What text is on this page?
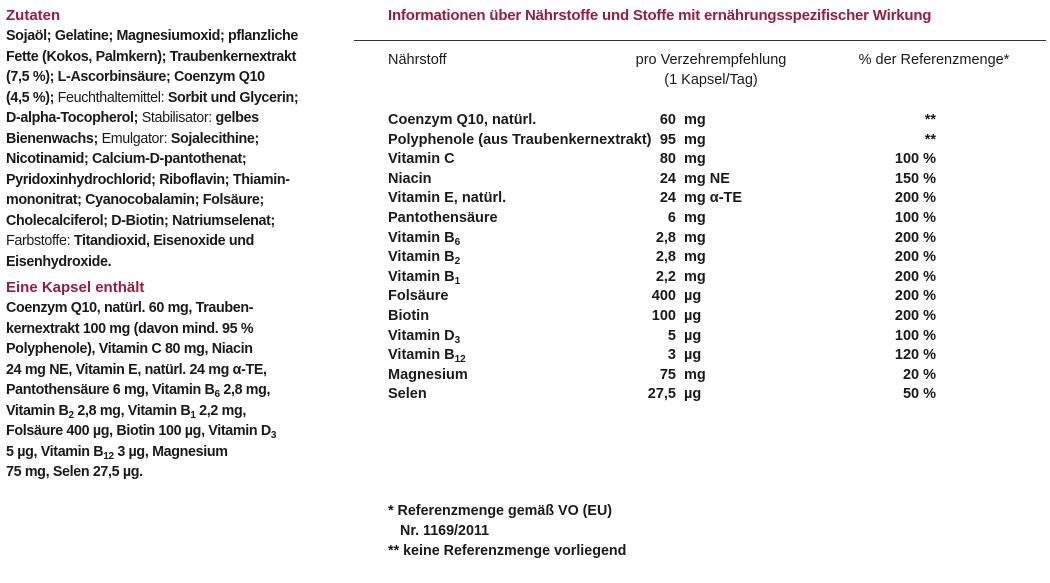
Zutaten

Sojaöl; Gelatine; Magnesiumoxid; pflanzliche
Fette (Kokos, Palmkern); Traubenkernextrakt
(7,5 %); L-Ascorbinsäure; Coenzym Q10
(4,5 %); Feuchthaltemittel: Sorbit und Glycerin;
D-alpha-Tocopherol; Stabilisator: gelbes
Bienenwachs; Emulgator: Sojalecithine;
Nicotinamid; Calcium-D-pantothenat;
Pyridoxinhydrochlorid; Riboflavin; Thiamin-
mononitrat; Cyanocobalamin; Folsäure;
Cholecalciferol; D-Biotin; Natriumselenat;
Farbstoffe: Titandioxid, Eisenoxide und
Eisenhydroxide.

Eine Kapsel enthält

Coenzym Q10, natürl. 60 mg, Trauben-
kernextrakt 100 mg (davon mind. 95 %
Polyphenole), Vitamin C 80 mg, Niacin
24 mg NE, Vitamin E, natürl. 24 mg α-TE,
Pantothensäure 6 mg, Vitamin $B_6$ 2,8 mg,
Vitamin $B_2$ 2,8 mg, Vitamin $B_1$ 2,2 mg,
Folsäure 400 µg, Biotin 100 µg, Vitamin $D_3$
5 µg, Vitamin $B_{12}$ 3 µg, Magnesium
75 mg, Selen 27,5 µg.

Informationen über Nährstoffe und Stoffe mit ernährungsspezifischer Wirkung
Nährstoff	pro Verzehrempfehlung
(1 Kapsel/Tag)
% der Referenzmenge*
Coenzym Q10, natürl.	60 mg	**
Polyphenole (aus Traubenkernextrakt) 95 mg	**
Vitamin C	80 mg	100 %
Niacin	24 mg NE	150 %
Vitamin E, natürl.	24 mg α-TE	200 %
Pantothensäure	6 mg	100 %
Vitamin $B_6$	2,8 mg	200 %
Vitamin $B_2$	2,8 mg	200 %
Vitamin $B_1$	2,2 mg	200 %
Folsäure	400 µg	200 %
Biotin	100 µg	200 %
Vitamin $D_3$	5 µg	100 %
Vitamin $B_{12}$	3 µg	120 %
Magnesium	75 mg	20 %
Selen	27,5 µg	50 %
* Referenzmenge gemäß VO (EU)
Nr. 1169/2011
** keine Referenzmenge vorliegend
